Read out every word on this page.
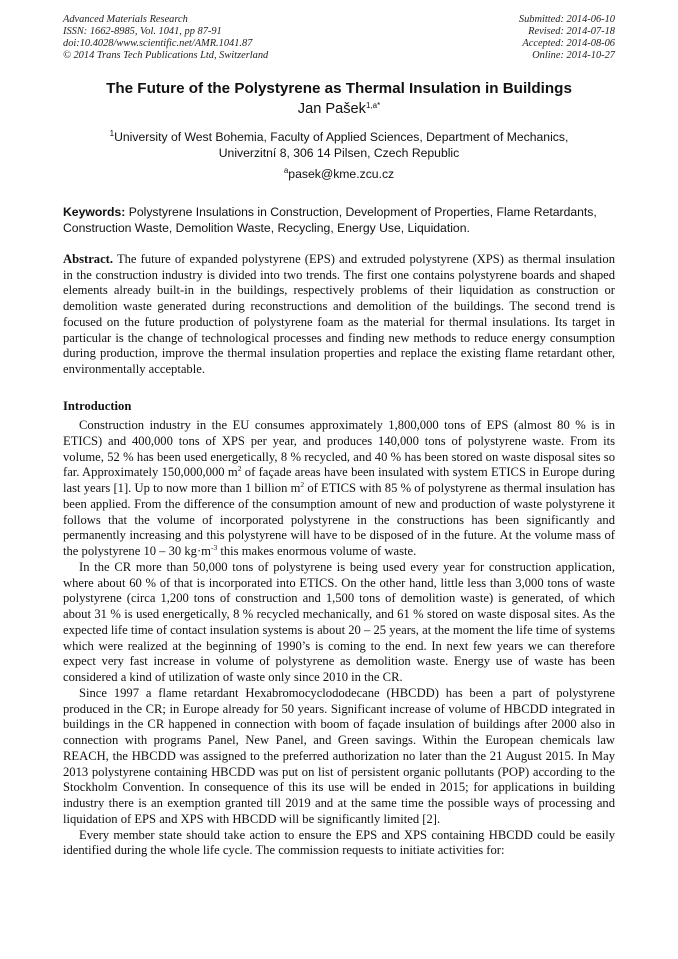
Advanced Materials Research
ISSN: 1662-8985, Vol. 1041, pp 87-91
doi:10.4028/www.scientific.net/AMR.1041.87
© 2014 Trans Tech Publications Ltd, Switzerland
Submitted: 2014-06-10
Revised: 2014-07-18
Accepted: 2014-08-06
Online: 2014-10-27
The Future of the Polystyrene as Thermal Insulation in Buildings
Jan Pašek$^{1,a*}$
$^1$University of West Bohemia, Faculty of Applied Sciences, Department of Mechanics,
Univerzitní 8, 306 14 Pilsen, Czech Republic
$^a$pasek@kme.zcu.cz
Keywords: Polystyrene Insulations in Construction, Development of Properties, Flame Retardants, Construction Waste, Demolition Waste, Recycling, Energy Use, Liquidation.
Abstract. The future of expanded polystyrene (EPS) and extruded polystyrene (XPS) as thermal insulation in the construction industry is divided into two trends. The first one contains polystyrene boards and shaped elements already built-in in the buildings, respectively problems of their liquidation as construction or demolition waste generated during reconstructions and demolition of the buildings. The second trend is focused on the future production of polystyrene foam as the material for thermal insulations. Its target in particular is the change of technological processes and finding new methods to reduce energy consumption during production, improve the thermal insulation properties and replace the existing flame retardant other, environmentally acceptable.
Introduction

Construction industry in the EU consumes approximately 1,800,000 tons of EPS (almost 80 % is in ETICS) and 400,000 tons of XPS per year, and produces 140,000 tons of polystyrene waste. From its volume, 52 % has been used energetically, 8 % recycled, and 40 % has been stored on waste disposal sites so far. Approximately 150,000,000 $m^2$ of façade areas have been insulated with system ETICS in Europe during last years [1]. Up to now more than 1 billion $m^2$ of ETICS with 85 % of polystyrene as thermal insulation has been applied. From the difference of the consumption amount of new and production of waste polystyrene it follows that the volume of incorporated polystyrene in the constructions has been significantly and permanently increasing and this polystyrene will have to be disposed of in the future. At the volume mass of the polystyrene 10 – 30 $kg\cdot m^{-3}$ this makes enormous volume of waste.

In the CR more than 50,000 tons of polystyrene is being used every year for construction application, where about 60 % of that is incorporated into ETICS. On the other hand, little less than 3,000 tons of waste polystyrene (circa 1,200 tons of construction and 1,500 tons of demolition waste) is generated, of which about 31 % is used energetically, 8 % recycled mechanically, and 61 % stored on waste disposal sites. As the expected life time of contact insulation systems is about 20 – 25 years, at the moment the life time of systems which were realized at the beginning of 1990’s is coming to the end. In next few years we can therefore expect very fast increase in volume of polystyrene as demolition waste. Energy use of waste has been considered a kind of utilization of waste only since 2010 in the CR.

Since 1997 a flame retardant Hexabromocyclododecane (HBCDD) has been a part of polystyrene produced in the CR; in Europe already for 50 years. Significant increase of volume of HBCDD integrated in buildings in the CR happened in connection with boom of façade insulation of buildings after 2000 also in connection with programs Panel, New Panel, and Green savings. Within the European chemicals law REACH, the HBCDD was assigned to the preferred authorization no later than the 21 August 2015. In May 2013 polystyrene containing HBCDD was put on list of persistent organic pollutants (POP) according to the Stockholm Convention. In consequence of this its use will be ended in 2015; for applications in building industry there is an exemption granted till 2019 and at the same time the possible ways of processing and liquidation of EPS and XPS with HBCDD will be significantly limited [2].

Every member state should take action to ensure the EPS and XPS containing HBCDD could be easily identified during the whole life cycle. The commission requests to initiate activities for:
